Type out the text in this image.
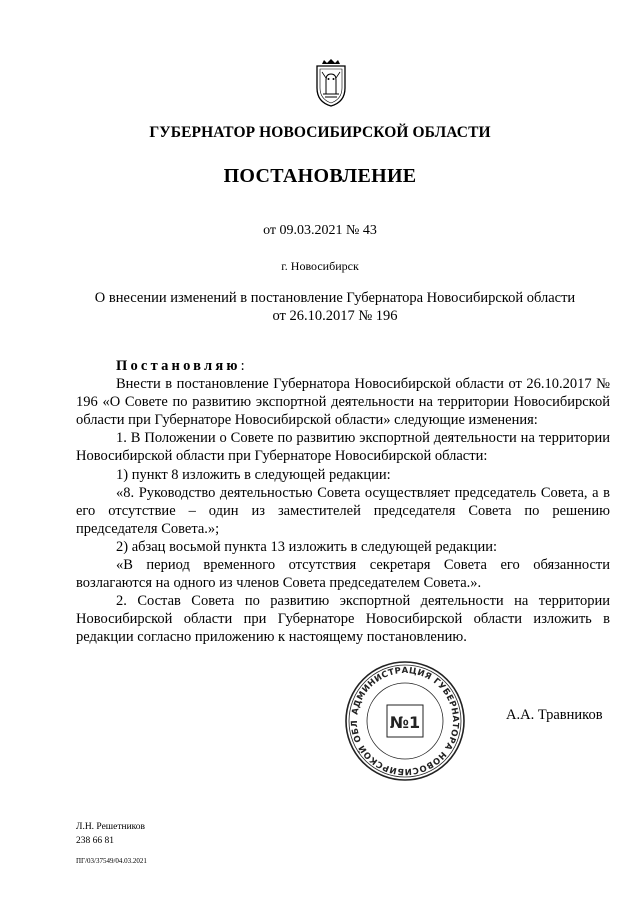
ГУБЕРНАТОР НОВОСИБИРСКОЙ ОБЛАСТИ
ПОСТАНОВЛЕНИЕ
от 09.03.2021 № 43
г. Новосибирск
О внесении изменений в постановление Губернатора Новосибирской области
от 26.10.2017 № 196

Постановляю:

Внести в постановление Губернатора Новосибирской области от 26.10.2017 № 196 «О Совете по развитию экспортной деятельности на территории Новосибирской области при Губернаторе Новосибирской области» следующие изменения:

1. В Положении о Совете по развитию экспортной деятельности на территории Новосибирской области при Губернаторе Новосибирской области:

1) пункт 8 изложить в следующей редакции:

«8. Руководство деятельностью Совета осуществляет председатель Совета, а в его отсутствие – один из заместителей председателя Совета по решению председателя Совета.»;

2) абзац восьмой пункта 13 изложить в следующей редакции:

«В период временного отсутствия секретаря Совета его обязанности возлагаются на одного из членов Совета председателем Совета.».

2. Состав Совета по развитию экспортной деятельности на территории Новосибирской области при Губернаторе Новосибирской области изложить в редакции согласно приложению к настоящему постановлению.

АДМИНИСТРАЦИЯ ГУБЕРНАТОРА НОВОСИБИРСКОЙ ОБЛ	№1	А.А. Травников
Л.Н. Решетников
238 66 81
ПГ/03/37549/04.03.2021
